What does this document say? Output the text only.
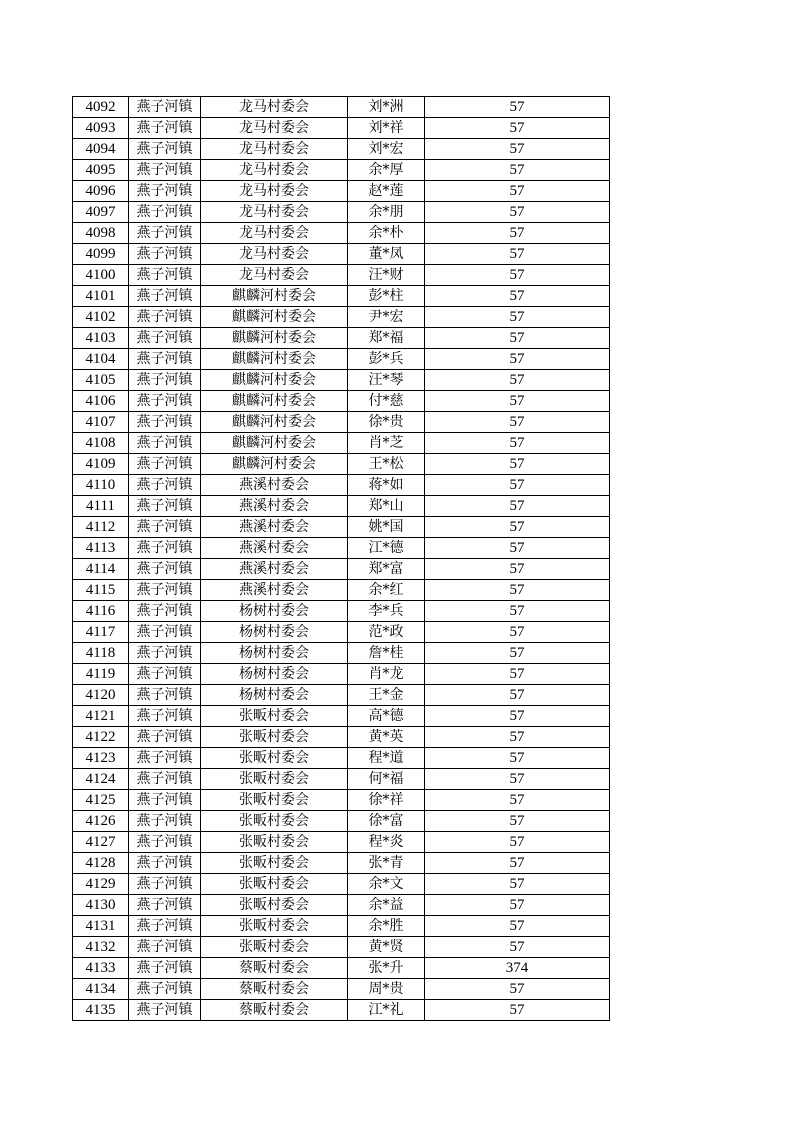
4092	燕子河镇	龙马村委会	刘*洲	57
4093	燕子河镇	龙马村委会	刘*祥	57
4094	燕子河镇	龙马村委会	刘*宏	57
4095	燕子河镇	龙马村委会	余*厚	57
4096	燕子河镇	龙马村委会	赵*莲	57
4097	燕子河镇	龙马村委会	余*朋	57
4098	燕子河镇	龙马村委会	余*朴	57
4099	燕子河镇	龙马村委会	董*凤	57
4100	燕子河镇	龙马村委会	汪*财	57
4101	燕子河镇	麒麟河村委会	彭*柱	57
4102	燕子河镇	麒麟河村委会	尹*宏	57
4103	燕子河镇	麒麟河村委会	郑*福	57
4104	燕子河镇	麒麟河村委会	彭*兵	57
4105	燕子河镇	麒麟河村委会	汪*琴	57
4106	燕子河镇	麒麟河村委会	付*慈	57
4107	燕子河镇	麒麟河村委会	徐*贵	57
4108	燕子河镇	麒麟河村委会	肖*芝	57
4109	燕子河镇	麒麟河村委会	王*松	57
4110	燕子河镇	燕溪村委会	蒋*如	57
4111	燕子河镇	燕溪村委会	郑*山	57
4112	燕子河镇	燕溪村委会	姚*国	57
4113	燕子河镇	燕溪村委会	江*德	57
4114	燕子河镇	燕溪村委会	郑*富	57
4115	燕子河镇	燕溪村委会	余*红	57
4116	燕子河镇	杨树村委会	李*兵	57
4117	燕子河镇	杨树村委会	范*政	57
4118	燕子河镇	杨树村委会	詹*桂	57
4119	燕子河镇	杨树村委会	肖*龙	57
4120	燕子河镇	杨树村委会	王*金	57
4121	燕子河镇	张畈村委会	高*德	57
4122	燕子河镇	张畈村委会	黄*英	57
4123	燕子河镇	张畈村委会	程*道	57
4124	燕子河镇	张畈村委会	何*福	57
4125	燕子河镇	张畈村委会	徐*祥	57
4126	燕子河镇	张畈村委会	徐*富	57
4127	燕子河镇	张畈村委会	程*炎	57
4128	燕子河镇	张畈村委会	张*青	57
4129	燕子河镇	张畈村委会	余*文	57
4130	燕子河镇	张畈村委会	余*益	57
4131	燕子河镇	张畈村委会	余*胜	57
4132	燕子河镇	张畈村委会	黄*贤	57
4133	燕子河镇	蔡畈村委会	张*升	374
4134	燕子河镇	蔡畈村委会	周*贵	57
4135	燕子河镇	蔡畈村委会	江*礼	57
